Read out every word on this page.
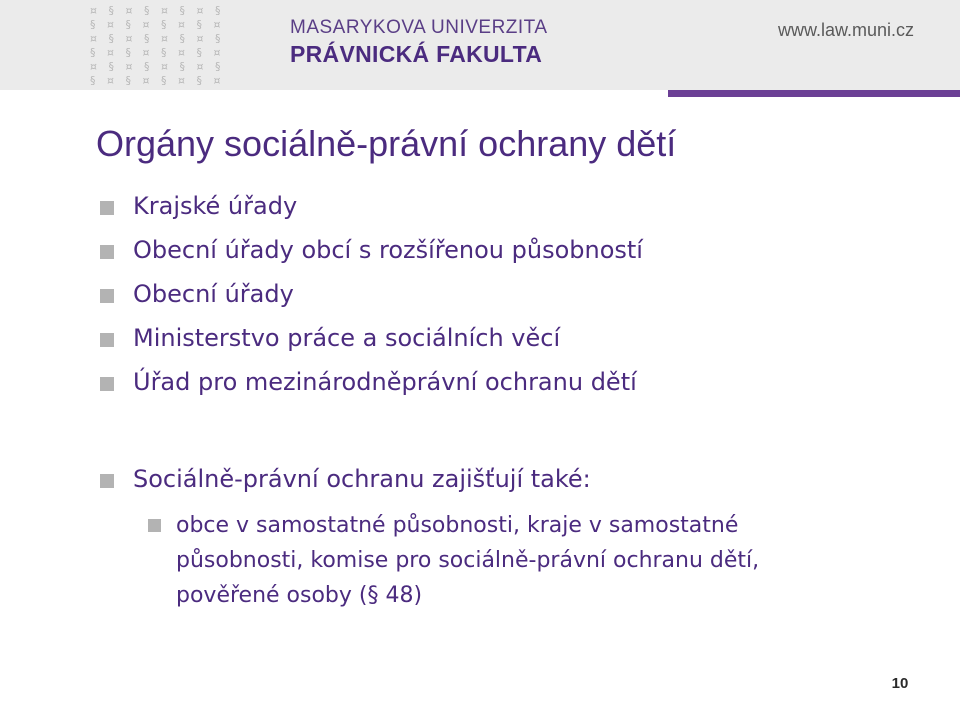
¤ § ¤ § ¤ § ¤ §
§ ¤ § ¤ § ¤ § ¤
¤ § ¤ § ¤ § ¤ §
§ ¤ § ¤ § ¤ § ¤
¤ § ¤ § ¤ § ¤ §
§ ¤ § ¤ § ¤ § ¤
MASARYKOVA UNIVERZITA
PRÁVNICKÁ FAKULTA
www.law.muni.cz
Orgány sociálně-právní ochrany dětí
Krajské úřady
Obecní úřady obcí s rozšířenou působností
Obecní úřady
Ministerstvo práce a sociálních věcí
Úřad pro mezinárodněprávní ochranu dětí
Sociálně-právní ochranu zajišťují také:
obce v samostatné působnosti, kraje v samostatné
působnosti, komise pro sociálně-právní ochranu dětí,
pověřené osoby (§ 48)
10
